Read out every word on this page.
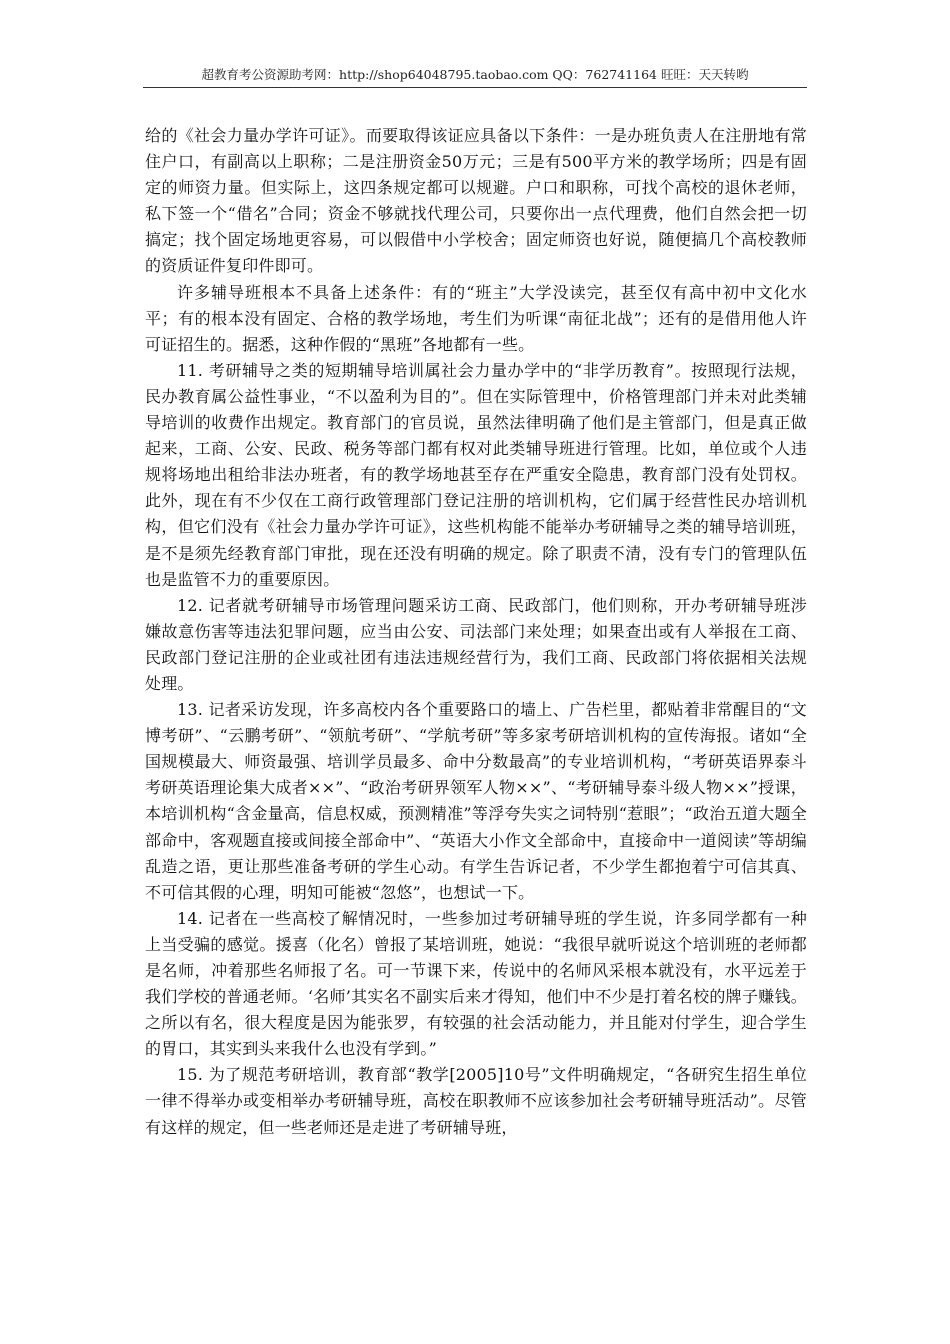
超教育考公资源助考网：http://shop64048795.taobao.com QQ：762741164 旺旺：天天转哟

给的《社会力量办学许可证》。而要取得该证应具备以下条件：一是办班负责人在注册地有常住户口，有副高以上职称；二是注册资金50万元；三是有500平方米的教学场所；四是有固定的师资力量。但实际上，这四条规定都可以规避。户口和职称，可找个高校的退休老师，私下签一个“借名”合同；资金不够就找代理公司，只要你出一点代理费，他们自然会把一切搞定；找个固定场地更容易，可以假借中小学校舍；固定师资也好说，随便搞几个高校教师的资质证件复印件即可。

许多辅导班根本不具备上述条件：有的“班主”大学没读完，甚至仅有高中初中文化水平；有的根本没有固定、合格的教学场地，考生们为听课“南征北战”；还有的是借用他人许可证招生的。据悉，这种作假的“黑班”各地都有一些。

11. 考研辅导之类的短期辅导培训属社会力量办学中的“非学历教育”。按照现行法规，民办教育属公益性事业，“不以盈利为目的”。但在实际管理中，价格管理部门并未对此类辅导培训的收费作出规定。教育部门的官员说，虽然法律明确了他们是主管部门，但是真正做起来，工商、公安、民政、税务等部门都有权对此类辅导班进行管理。比如，单位或个人违规将场地出租给非法办班者，有的教学场地甚至存在严重安全隐患，教育部门没有处罚权。此外，现在有不少仅在工商行政管理部门登记注册的培训机构，它们属于经营性民办培训机构，但它们没有《社会力量办学许可证》，这些机构能不能举办考研辅导之类的辅导培训班，是不是须先经教育部门审批，现在还没有明确的规定。除了职责不清，没有专门的管理队伍也是监管不力的重要原因。

12. 记者就考研辅导市场管理问题采访工商、民政部门，他们则称，开办考研辅导班涉嫌故意伤害等违法犯罪问题，应当由公安、司法部门来处理；如果查出或有人举报在工商、民政部门登记注册的企业或社团有违法违规经营行为，我们工商、民政部门将依据相关法规处理。

13. 记者采访发现，许多高校内各个重要路口的墙上、广告栏里，都贴着非常醒目的“文博考研”、“云鹏考研”、“领航考研”、“学航考研”等多家考研培训机构的宣传海报。诸如“全国规模最大、师资最强、培训学员最多、命中分数最高”的专业培训机构，“考研英语界泰斗考研英语理论集大成者××”、“政治考研界领军人物××”、“考研辅导泰斗级人物××”授课，本培训机构“含金量高，信息权威，预测精准”等浮夸失实之词特别“惹眼”；“政治五道大题全部命中，客观题直接或间接全部命中”、“英语大小作文全部命中，直接命中一道阅读”等胡编乱造之语，更让那些准备考研的学生心动。有学生告诉记者，不少学生都抱着宁可信其真、不可信其假的心理，明知可能被“忽悠”，也想试一下。

14. 记者在一些高校了解情况时，一些参加过考研辅导班的学生说，许多同学都有一种上当受骗的感觉。援喜（化名）曾报了某培训班，她说：“我很早就听说这个培训班的老师都是名师，冲着那些名师报了名。可一节课下来，传说中的名师风采根本就没有，水平远差于我们学校的普通老师。‘名师’其实名不副实后来才得知，他们中不少是打着名校的牌子赚钱。之所以有名，很大程度是因为能张罗，有较强的社会活动能力，并且能对付学生，迎合学生的胃口，其实到头来我什么也没有学到。”

15. 为了规范考研培训，教育部“教学[2005]10号”文件明确规定，“各研究生招生单位一律不得举办或变相举办考研辅导班，高校在职教师不应该参加社会考研辅导班活动”。尽管有这样的规定，但一些老师还是走进了考研辅导班，
